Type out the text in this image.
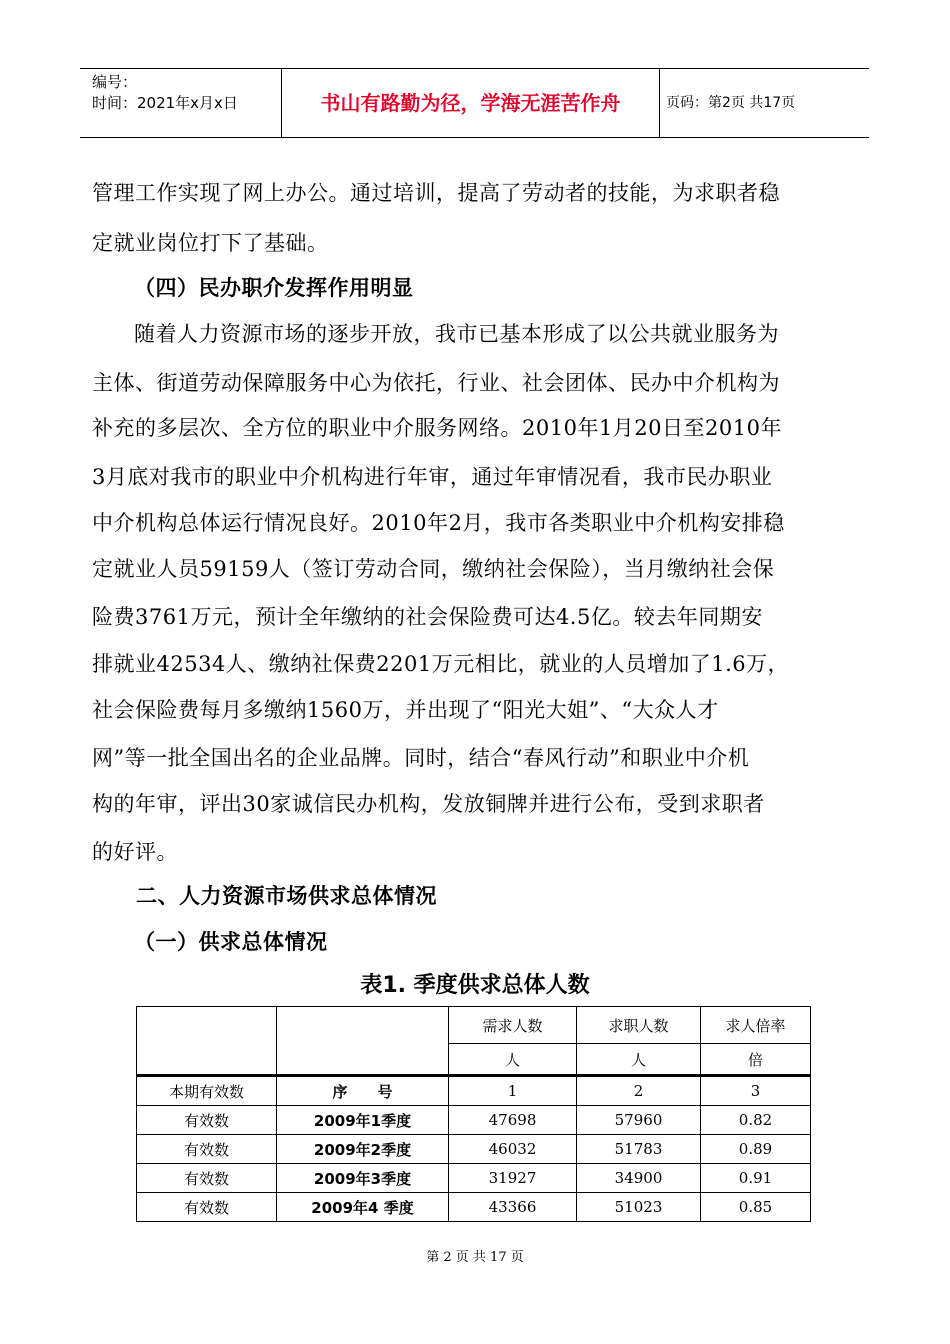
编号：
时间：2021年x月x日	书山有路勤为径，学海无涯苦作舟	页码：第2页 共17页
管理工作实现了网上办公。通过培训，提高了劳动者的技能，为求职者稳
定就业岗位打下了基础。
（四）民办职介发挥作用明显
随着人力资源市场的逐步开放，我市已基本形成了以公共就业服务为
主体、街道劳动保障服务中心为依托，行业、社会团体、民办中介机构为
补充的多层次、全方位的职业中介服务网络。2010年1月20日至2010年
3月底对我市的职业中介机构进行年审，通过年审情况看，我市民办职业
中介机构总体运行情况良好。2010年2月，我市各类职业中介机构安排稳
定就业人员59159人（签订劳动合同，缴纳社会保险），当月缴纳社会保
险费3761万元，预计全年缴纳的社会保险费可达4.5亿。较去年同期安
排就业42534人、缴纳社保费2201万元相比，就业的人员增加了1.6万，
社会保险费每月多缴纳1560万，并出现了“阳光大姐”、“大众人才
网”等一批全国出名的企业品牌。同时，结合“春风行动”和职业中介机
构的年审，评出30家诚信民办机构，发放铜牌并进行公布，受到求职者
的好评。
二、人力资源市场供求总体情况
（一）供求总体情况
表1. 季度供求总体人数
		需求人数	求职人数	求人倍率
		人	人	倍
本期有效数	序　　号	1	2	3
有效数	2009年1季度	47698	57960	0.82
有效数	2009年2季度	46032	51783	0.89
有效数	2009年3季度	31927	34900	0.91
有效数	2009年4 季度	43366	51023	0.85
第 2 页 共 17 页
